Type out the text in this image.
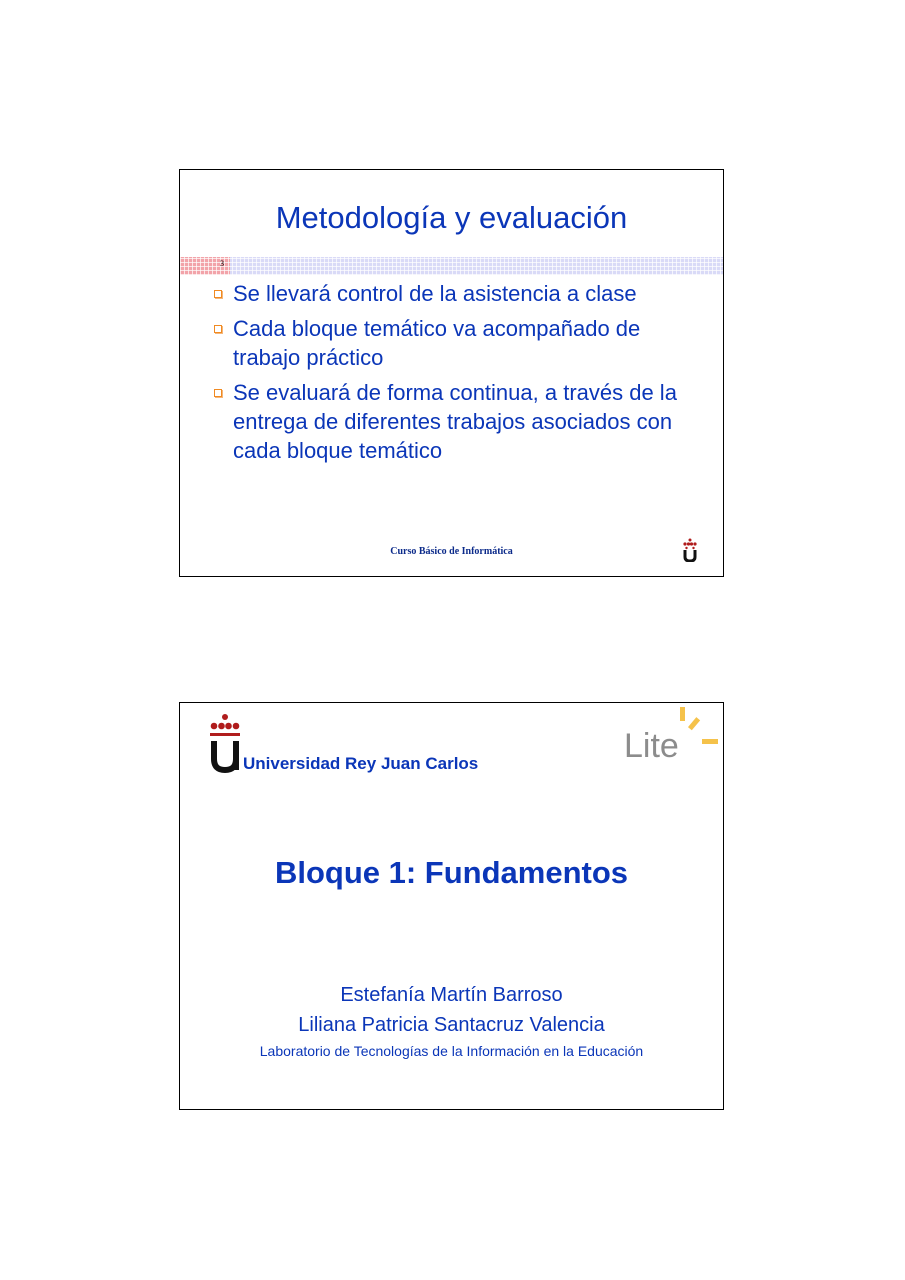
Metodología y evaluación
3
Se llevará control de la asistencia a clase
Cada bloque temático va acompañado de trabajo práctico
Se evaluará de forma continua, a través de la entrega de diferentes trabajos asociados con cada bloque temático
Curso Básico de Informática
Universidad Rey Juan Carlos	Lite
Bloque 1: Fundamentos
Estefanía Martín Barroso
Liliana Patricia Santacruz Valencia
Laboratorio de Tecnologías de la Información en la Educación
